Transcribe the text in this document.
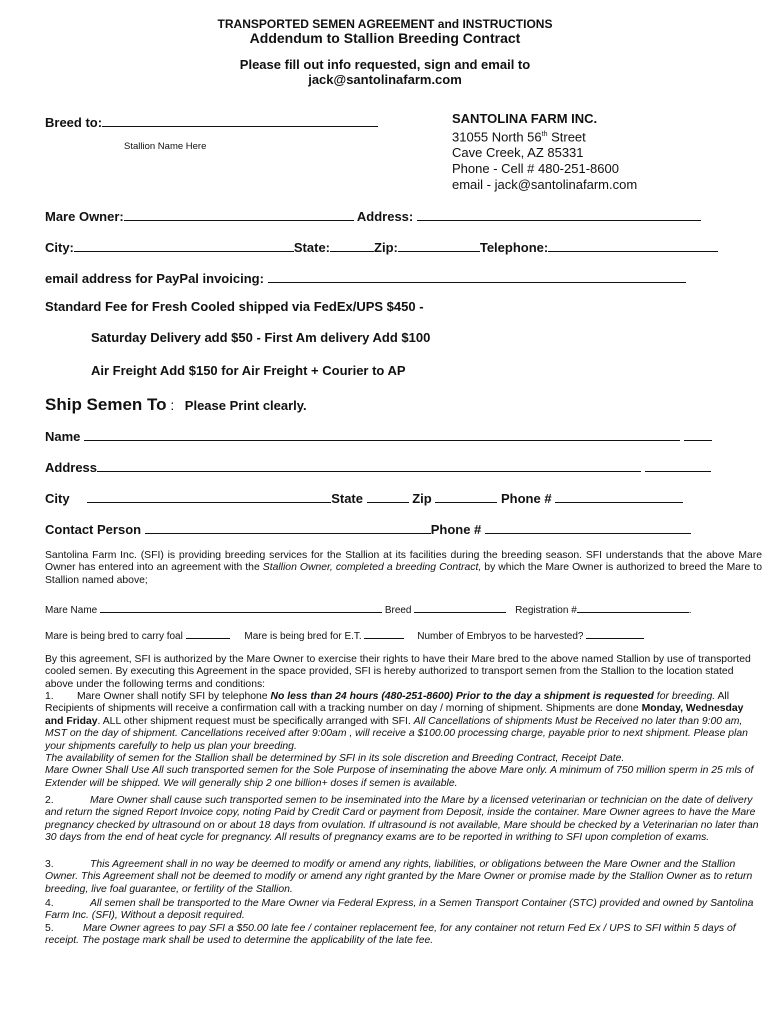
TRANSPORTED SEMEN AGREEMENT and INSTRUCTIONS
Addendum to Stallion Breeding Contract
Please fill out info requested, sign and email to
jack@santolinafarm.com
Breed to:
Stallion Name Here
SANTOLINA FARM INC.
31055 North 56th Street
Cave Creek, AZ 85331
Phone - Cell # 480-251-8600
email - jack@santolinafarm.com
Mare Owner:	Address:
City:	State:	Zip:	Telephone:
email address for PayPal invoicing:
Standard Fee for Fresh Cooled shipped via FedEx/UPS $450 -
Saturday Delivery add $50 - First Am delivery Add $100
Air Freight Add $150 for Air Freight + Courier to AP
Ship Semen To : Please Print clearly.
Name
Address
City	State	Zip	Phone #
Contact Person	Phone #
Santolina Farm Inc. (SFI) is providing breeding services for the Stallion at its facilities during the breeding season. SFI understands that the above Mare Owner has entered into an agreement with the Stallion Owner, completed a breeding Contract, by which the Mare Owner is authorized to breed the Mare to Stallion named above;
Mare Name	Breed	Registration #	.
Mare is being bred to carry foal	Mare is being bred for E.T.	Number of Embryos to be harvested?
By this agreement, SFI is authorized by the Mare Owner to exercise their rights to have their Mare bred to the above named Stallion by use of transported cooled semen. By executing this Agreement in the space provided, SFI is hereby authorized to transport semen from the Stallion to the location stated above under the following terms and conditions:
1. Mare Owner shall notify SFI by telephone No less than 24 hours (480-251-8600) Prior to the day a shipment is requested for breeding. All Recipients of shipments will receive a confirmation call with a tracking number on day / morning of shipment. Shipments are done Monday, Wednesday and Friday. ALL other shipment request must be specifically arranged with SFI. All Cancellations of shipments Must be Received no later than 9:00 am, MST on the day of shipment. Cancellations received after 9:00am , will receive a $100.00 processing charge, payable prior to next shipment. Please plan your shipments carefully to help us plan your breeding.
The availability of semen for the Stallion shall be determined by SFI in its sole discretion and Breeding Contract, Receipt Date.
Mare Owner Shall Use All such transported semen for the Sole Purpose of inseminating the above Mare only. A minimum of 750 million sperm in 25 mls of Extender will be shipped. We will generally ship 2 one billion+ doses if semen is available.
2.	Mare Owner shall cause such transported semen to be inseminated into the Mare by a licensed veterinarian or technician on the date of delivery and return the signed Report Invoice copy, noting Paid by Credit Card or payment from Deposit, inside the container. Mare Owner agrees to have the Mare pregnancy checked by ultrasound on or about 18 days from ovulation. If ultrasound is not available, Mare should be checked by a Veterinarian no later than 30 days from the end of heat cycle for pregnancy. All results of pregnancy exams are to be reported in writhing to SFI upon completion of exams.
3.	This Agreement shall in no way be deemed to modify or amend any rights, liabilities, or obligations between the Mare Owner and the Stallion Owner. This Agreement shall not be deemed to modify or amend any right granted by the Mare Owner or promise made by the Stallion Owner as to return breeding, live foal guarantee, or fertility of the Stallion.
4.	All semen shall be transported to the Mare Owner via Federal Express, in a Semen Transport Container (STC) provided and owned by Santolina Farm Inc. (SFI), Without a deposit required.
5.	Mare Owner agrees to pay SFI a $50.00 late fee / container replacement fee, for any container not return Fed Ex / UPS to SFI within 5 days of receipt. The postage mark shall be used to determine the applicability of the late fee.
